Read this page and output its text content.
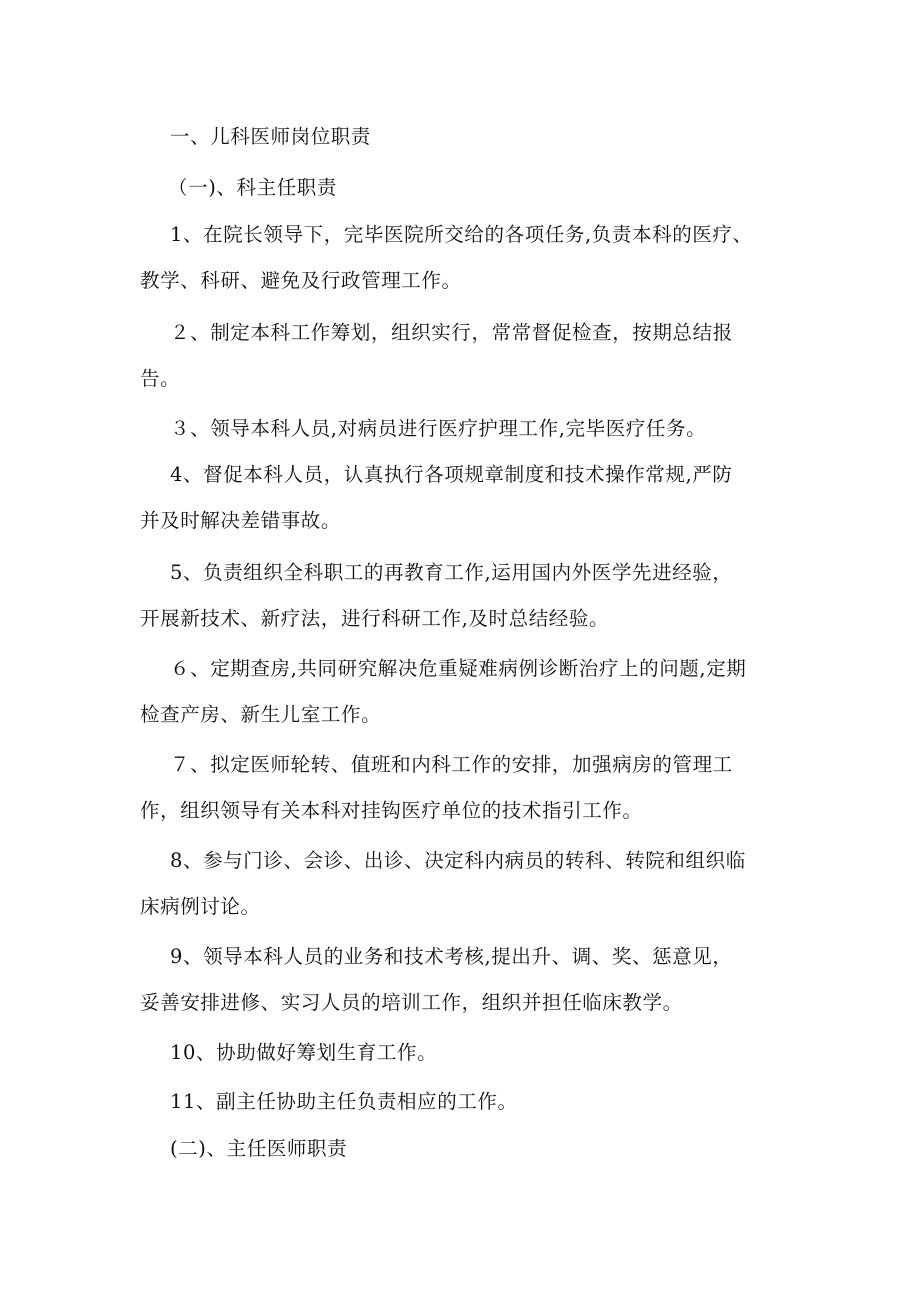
一、儿科医师岗位职责
（一)、科主任职责
1、在院长领导下，完毕医院所交给的各项任务,负责本科的医疗、
教学、科研、避免及行政管理工作。
２、制定本科工作筹划，组织实行，常常督促检查，按期总结报
告。
３、领导本科人员,对病员进行医疗护理工作,完毕医疗任务。
4、督促本科人员，认真执行各项规章制度和技术操作常规,严防
并及时解决差错事故。
5、负责组织全科职工的再教育工作,运用国内外医学先进经验，
开展新技术、新疗法，进行科研工作,及时总结经验。
６、定期查房,共同研究解决危重疑难病例诊断治疗上的问题,定期
检查产房、新生儿室工作。
７、拟定医师轮转、值班和内科工作的安排，加强病房的管理工
作，组织领导有关本科对挂钩医疗单位的技术指引工作。
8、参与门诊、会诊、出诊、决定科内病员的转科、转院和组织临
床病例讨论。
9、领导本科人员的业务和技术考核,提出升、调、奖、惩意见，
妥善安排进修、实习人员的培训工作，组织并担任临床教学。
10、协助做好筹划生育工作。
11、副主任协助主任负责相应的工作。
(二)、主任医师职责
